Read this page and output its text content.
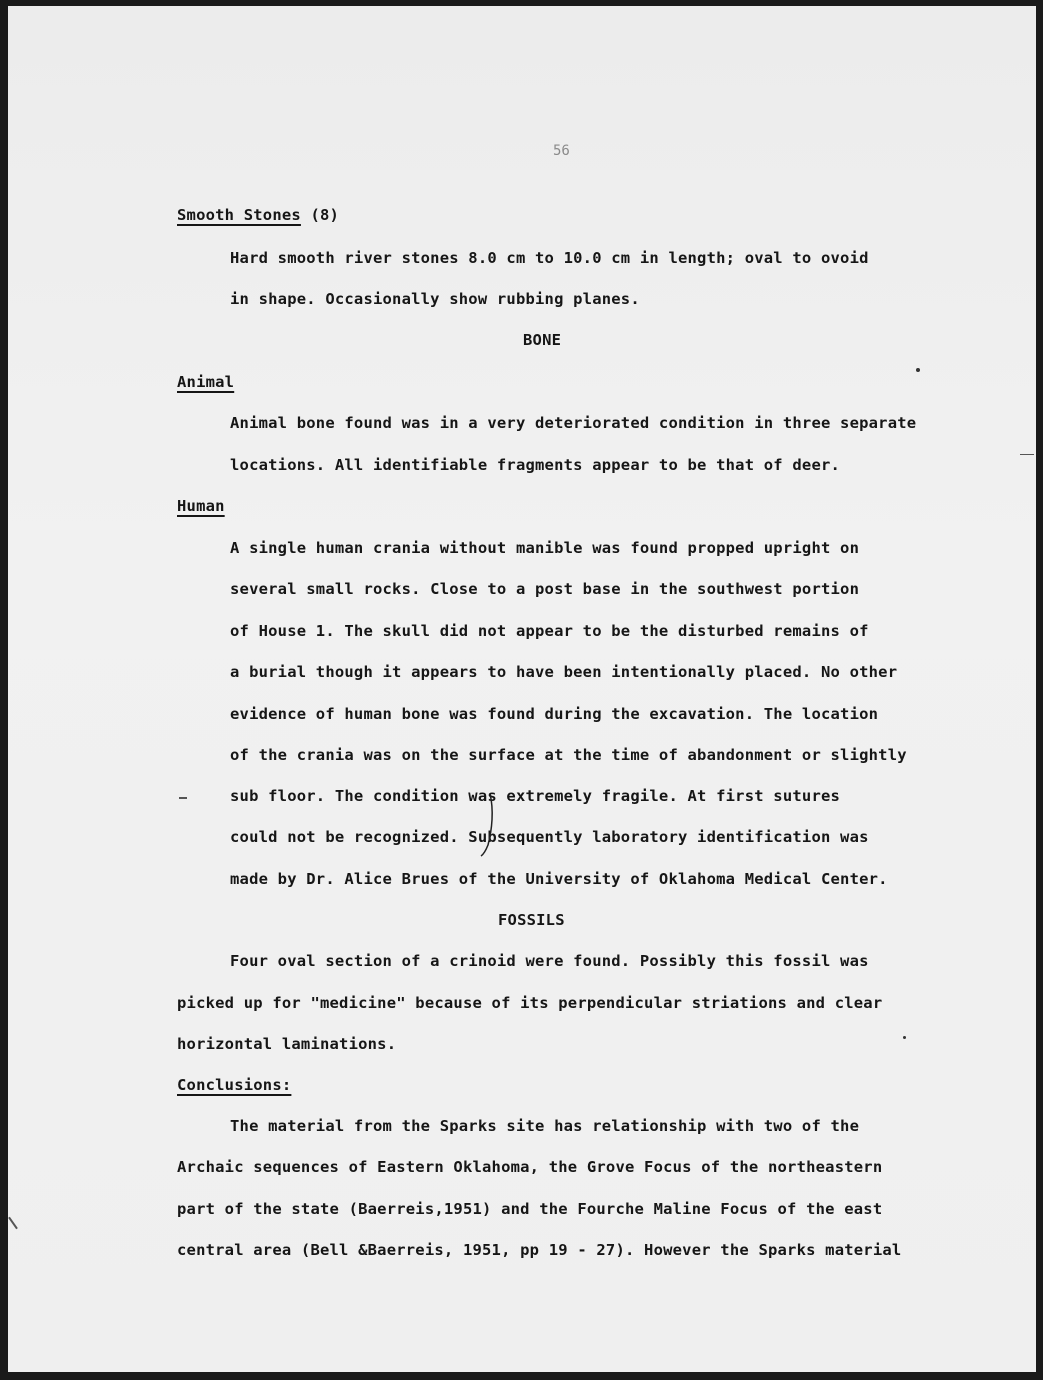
56
Smooth Stones (8)
Hard smooth river stones 8.0 cm to 10.0 cm in length; oval to ovoid
in shape. Occasionally show rubbing planes.
BONE
Animal
Animal bone found was in a very deteriorated condition in three separate
locations. All identifiable fragments appear to be that of deer.
Human
A single human crania without manible was found propped upright on
several small rocks. Close to a post base in the southwest portion
of House 1. The skull did not appear to be the disturbed remains of
a burial though it appears to have been intentionally placed. No other
evidence of human bone was found during the excavation. The location
of the crania was on the surface at the time of abandonment or slightly
sub floor. The condition was extremely fragile. At first sutures
could not be recognized. Subsequently laboratory identification was
made by Dr. Alice Brues of the University of Oklahoma Medical Center.
FOSSILS
Four oval section of a crinoid were found. Possibly this fossil was
picked up for "medicine" because of its perpendicular striations and clear
horizontal laminations.
Conclusions:
The material from the Sparks site has relationship with two of the
Archaic sequences of Eastern Oklahoma, the Grove Focus of the northeastern
part of the state (Baerreis,1951) and the Fourche Maline Focus of the east
central area (Bell &Baerreis, 1951, pp 19 - 27). However the Sparks material
